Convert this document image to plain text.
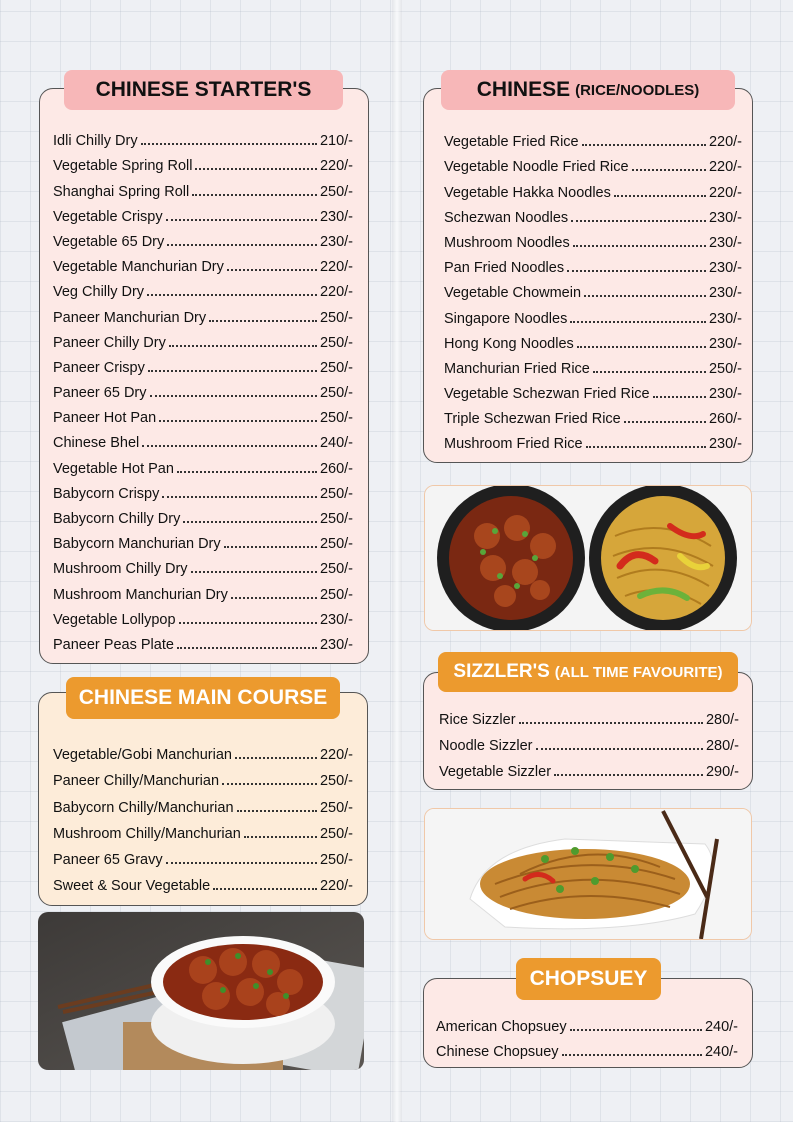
CHINESE STARTER'S
Idli Chilly Dry	210/-
Vegetable Spring Roll	220/-
Shanghai Spring Roll	250/-
Vegetable Crispy	230/-
Vegetable 65 Dry	230/-
Vegetable Manchurian Dry	220/-
Veg Chilly Dry	220/-
Paneer Manchurian Dry	250/-
Paneer Chilly Dry	250/-
Paneer Crispy	250/-
Paneer 65 Dry	250/-
Paneer Hot Pan	250/-
Chinese Bhel	240/-
Vegetable Hot Pan	260/-
Babycorn Crispy	250/-
Babycorn Chilly Dry	250/-
Babycorn Manchurian Dry	250/-
Mushroom Chilly Dry	250/-
Mushroom Manchurian Dry	250/-
Vegetable Lollypop	230/-
Paneer Peas Plate	230/-
CHINESE MAIN COURSE
Vegetable/Gobi Manchurian	220/-
Paneer Chilly/Manchurian	250/-
Babycorn Chilly/Manchurian	250/-
Mushroom Chilly/Manchurian	250/-
Paneer 65 Gravy	250/-
Sweet & Sour Vegetable	220/-
CHINESE (RICE/NOODLES)
Vegetable Fried Rice	220/-
Vegetable Noodle Fried Rice	220/-
Vegetable Hakka Noodles	220/-
Schezwan Noodles	230/-
Mushroom Noodles	230/-
Pan Fried Noodles	230/-
Vegetable Chowmein	230/-
Singapore Noodles	230/-
Hong Kong Noodles	230/-
Manchurian Fried Rice	250/-
Vegetable Schezwan Fried Rice	230/-
Triple Schezwan Fried Rice	260/-
Mushroom Fried Rice	230/-
SIZZLER'S (ALL TIME FAVOURITE)
Rice Sizzler	280/-
Noodle Sizzler	280/-
Vegetable Sizzler	290/-
CHOPSUEY
American Chopsuey	240/-
Chinese Chopsuey	240/-
